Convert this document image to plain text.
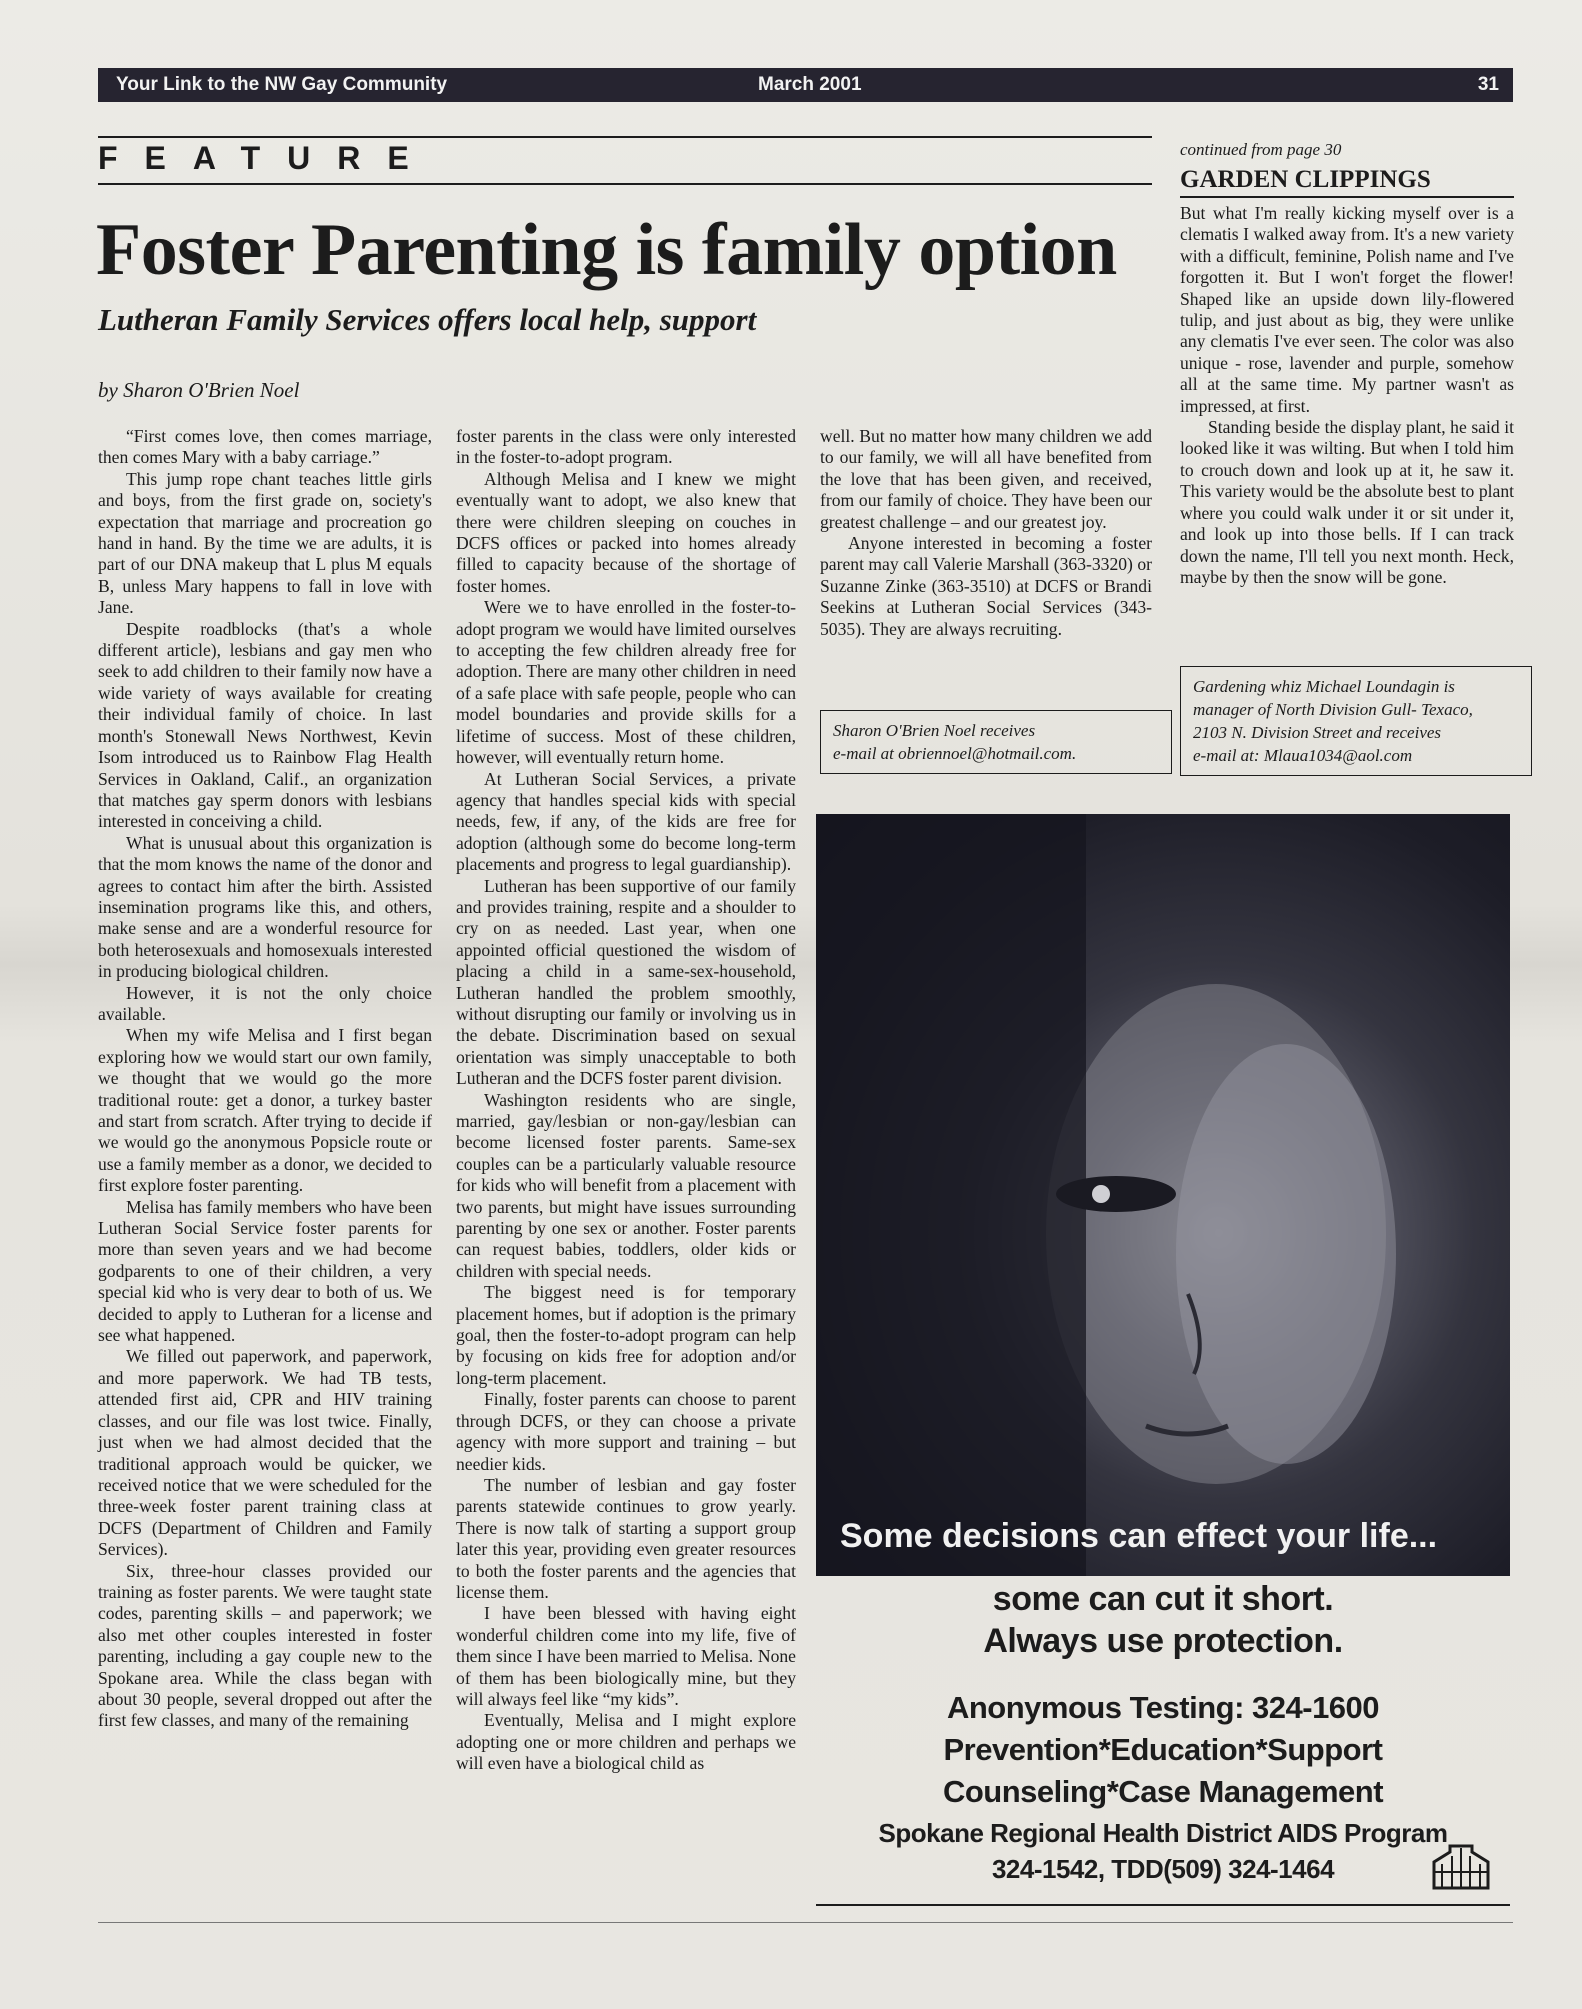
Your Link to the NW Gay Community	March 2001	31
FEATURE
Foster Parenting is family option
Lutheran Family Services offers local help, support
by Sharon O'Brien Noel

“First comes love, then comes marriage, then comes Mary with a baby carriage.”

This jump rope chant teaches little girls and boys, from the first grade on, society's expectation that marriage and procreation go hand in hand. By the time we are adults, it is part of our DNA makeup that L plus M equals B, unless Mary happens to fall in love with Jane.

Despite roadblocks (that's a whole different article), lesbians and gay men who seek to add children to their family now have a wide variety of ways available for creating their individual family of choice. In last month's Stonewall News Northwest, Kevin Isom introduced us to Rainbow Flag Health Services in Oakland, Calif., an organization that matches gay sperm donors with lesbians interested in conceiving a child.

What is unusual about this organization is that the mom knows the name of the donor and agrees to contact him after the birth. Assisted insemination programs like this, and others, make sense and are a wonderful resource for both heterosexuals and homosexuals interested in producing biological children.

However, it is not the only choice available.

When my wife Melisa and I first began exploring how we would start our own family, we thought that we would go the more traditional route: get a donor, a turkey baster and start from scratch. After trying to decide if we would go the anonymous Popsicle route or use a family member as a donor, we decided to first explore foster parenting.

Melisa has family members who have been Lutheran Social Service foster parents for more than seven years and we had become godparents to one of their children, a very special kid who is very dear to both of us. We decided to apply to Lutheran for a license and see what happened.

We filled out paperwork, and paperwork, and more paperwork. We had TB tests, attended first aid, CPR and HIV training classes, and our file was lost twice. Finally, just when we had almost decided that the traditional approach would be quicker, we received notice that we were scheduled for the three-week foster parent training class at DCFS (Department of Children and Family Services).

Six, three-hour classes provided our training as foster parents. We were taught state codes, parenting skills – and paperwork; we also met other couples interested in foster parenting, including a gay couple new to the Spokane area. While the class began with about 30 people, several dropped out after the first few classes, and many of the remaining

foster parents in the class were only interested in the foster-to-adopt program.

Although Melisa and I knew we might eventually want to adopt, we also knew that there were children sleeping on couches in DCFS offices or packed into homes already filled to capacity because of the shortage of foster homes.

Were we to have enrolled in the foster-to-adopt program we would have limited ourselves to accepting the few children already free for adoption. There are many other children in need of a safe place with safe people, people who can model boundaries and provide skills for a lifetime of success. Most of these children, however, will eventually return home.

At Lutheran Social Services, a private agency that handles special kids with special needs, few, if any, of the kids are free for adoption (although some do become long-term placements and progress to legal guardianship).

Lutheran has been supportive of our family and provides training, respite and a shoulder to cry on as needed. Last year, when one appointed official questioned the wisdom of placing a child in a same-sex-household, Lutheran handled the problem smoothly, without disrupting our family or involving us in the debate. Discrimination based on sexual orientation was simply unacceptable to both Lutheran and the DCFS foster parent division.

Washington residents who are single, married, gay/lesbian or non-gay/lesbian can become licensed foster parents. Same-sex couples can be a particularly valuable resource for kids who will benefit from a placement with two parents, but might have issues surrounding parenting by one sex or another. Foster parents can request babies, toddlers, older kids or children with special needs.

The biggest need is for temporary placement homes, but if adoption is the primary goal, then the foster-to-adopt program can help by focusing on kids free for adoption and/or long-term placement.

Finally, foster parents can choose to parent through DCFS, or they can choose a private agency with more support and training – but needier kids.

The number of lesbian and gay foster parents statewide continues to grow yearly. There is now talk of starting a support group later this year, providing even greater resources to both the foster parents and the agencies that license them.

I have been blessed with having eight wonderful children come into my life, five of them since I have been married to Melisa. None of them has been biologically mine, but they will always feel like “my kids”.

Eventually, Melisa and I might explore adopting one or more children and perhaps we will even have a biological child as

well. But no matter how many children we add to our family, we will all have benefited from the love that has been given, and received, from our family of choice. They have been our greatest challenge – and our greatest joy.

Anyone interested in becoming a foster parent may call Valerie Marshall (363-3320) or Suzanne Zinke (363-3510) at DCFS or Brandi Seekins at Lutheran Social Services (343-5035). They are always recruiting.

Sharon O'Brien Noel receives
e-mail at obriennoel@hotmail.com.
continued from page 30
GARDEN CLIPPINGS

But what I'm really kicking myself over is a clematis I walked away from. It's a new variety with a difficult, feminine, Polish name and I've forgotten it. But I won't forget the flower! Shaped like an upside down lily-flowered tulip, and just about as big, they were unlike any clematis I've ever seen. The color was also unique - rose, lavender and purple, somehow all at the same time. My partner wasn't as impressed, at first.

Standing beside the display plant, he said it looked like it was wilting. But when I told him to crouch down and look up at it, he saw it. This variety would be the absolute best to plant where you could walk under it or sit under it, and look up into those bells. If I can track down the name, I'll tell you next month. Heck, maybe by then the snow will be gone.

Gardening whiz Michael Loundagin is
manager of North Division Gull- Texaco,
2103 N. Division Street and receives
e-mail at: Mlaua1034@aol.com
Some decisions can effect your life...
some can cut it short.
Always use protection.
Anonymous Testing: 324-1600
Prevention*Education*Support
Counseling*Case Management
Spokane Regional Health District AIDS Program
324-1542, TDD(509) 324-1464
